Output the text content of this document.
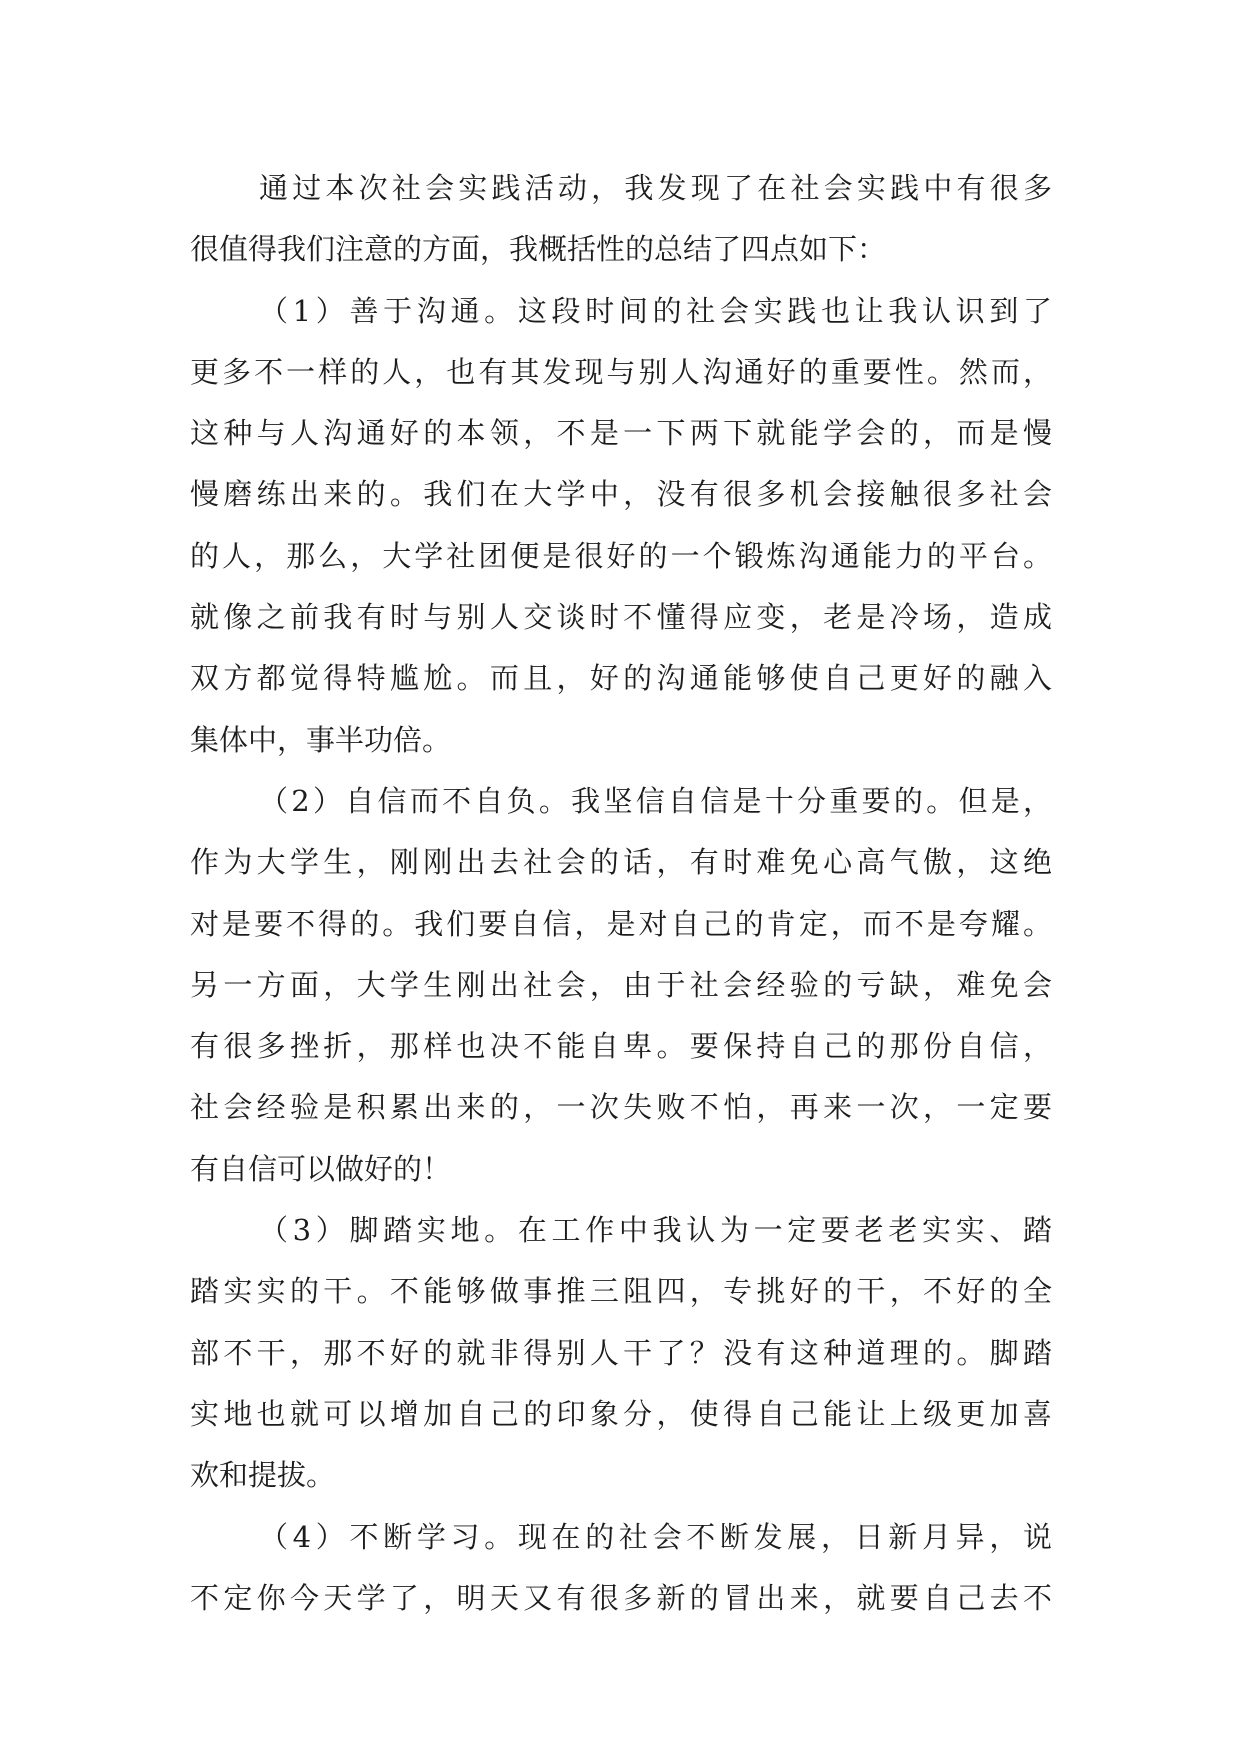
通过本次社会实践活动，我发现了在社会实践中有很多
很值得我们注意的方面，我概括性的总结了四点如下：
（1）善于沟通。这段时间的社会实践也让我认识到了
更多不一样的人，也有其发现与别人沟通好的重要性。然而，
这种与人沟通好的本领，不是一下两下就能学会的，而是慢
慢磨练出来的。我们在大学中，没有很多机会接触很多社会
的人，那么，大学社团便是很好的一个锻炼沟通能力的平台。
就像之前我有时与别人交谈时不懂得应变，老是冷场，造成
双方都觉得特尴尬。而且，好的沟通能够使自己更好的融入
集体中，事半功倍。
（2）自信而不自负。我坚信自信是十分重要的。但是，
作为大学生，刚刚出去社会的话，有时难免心高气傲，这绝
对是要不得的。我们要自信，是对自己的肯定，而不是夸耀。
另一方面，大学生刚出社会，由于社会经验的亏缺，难免会
有很多挫折，那样也决不能自卑。要保持自己的那份自信，
社会经验是积累出来的，一次失败不怕，再来一次，一定要
有自信可以做好的！
（3）脚踏实地。在工作中我认为一定要老老实实、踏
踏实实的干。不能够做事推三阻四，专挑好的干，不好的全
部不干，那不好的就非得别人干了？没有这种道理的。脚踏
实地也就可以增加自己的印象分，使得自己能让上级更加喜
欢和提拔。
（4）不断学习。现在的社会不断发展，日新月异，说
不定你今天学了，明天又有很多新的冒出来，就要自己去不
